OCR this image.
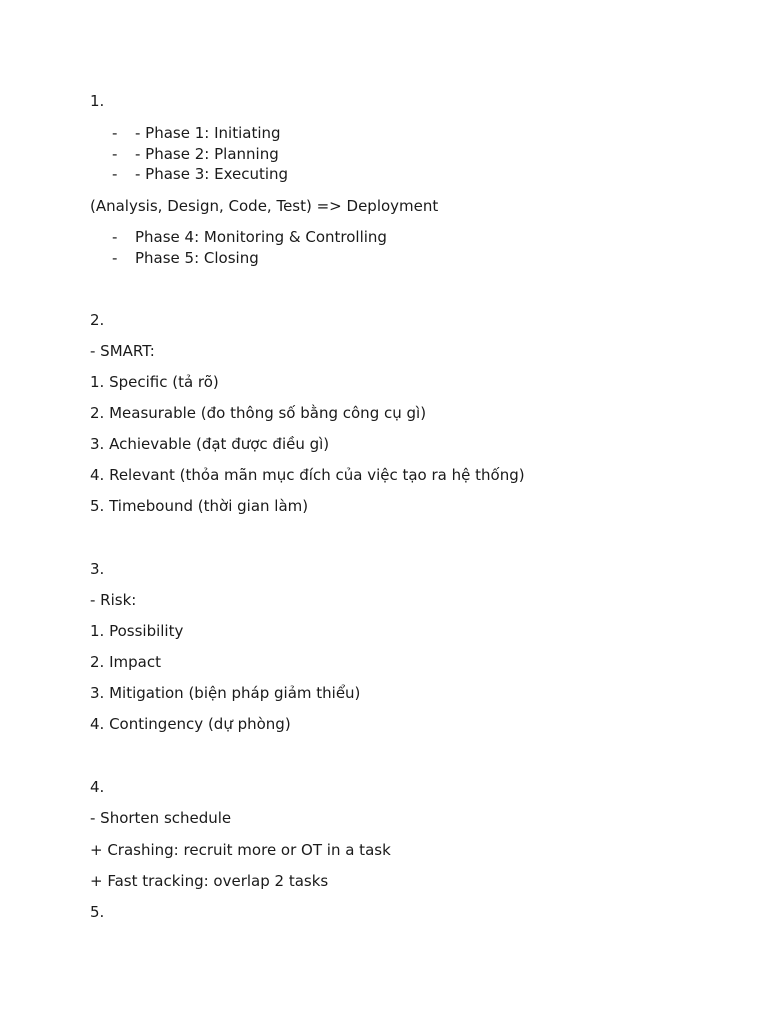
1.
- - Phase 1: Initiating
- - Phase 2: Planning
- - Phase 3: Executing
(Analysis, Design, Code, Test) => Deployment
- Phase 4: Monitoring & Controlling
- Phase 5: Closing
2.
- SMART:
1. Specific (tả rõ)
2. Measurable (đo thông số bằng công cụ gì)
3. Achievable (đạt được điều gì)
4. Relevant (thỏa mãn mục đích của việc tạo ra hệ thống)
5. Timebound (thời gian làm)
3.
- Risk:
1. Possibility
2. Impact
3. Mitigation (biện pháp giảm thiểu)
4. Contingency (dự phòng)
4.
- Shorten schedule
+ Crashing: recruit more or OT in a task
+ Fast tracking: overlap 2 tasks
5.
